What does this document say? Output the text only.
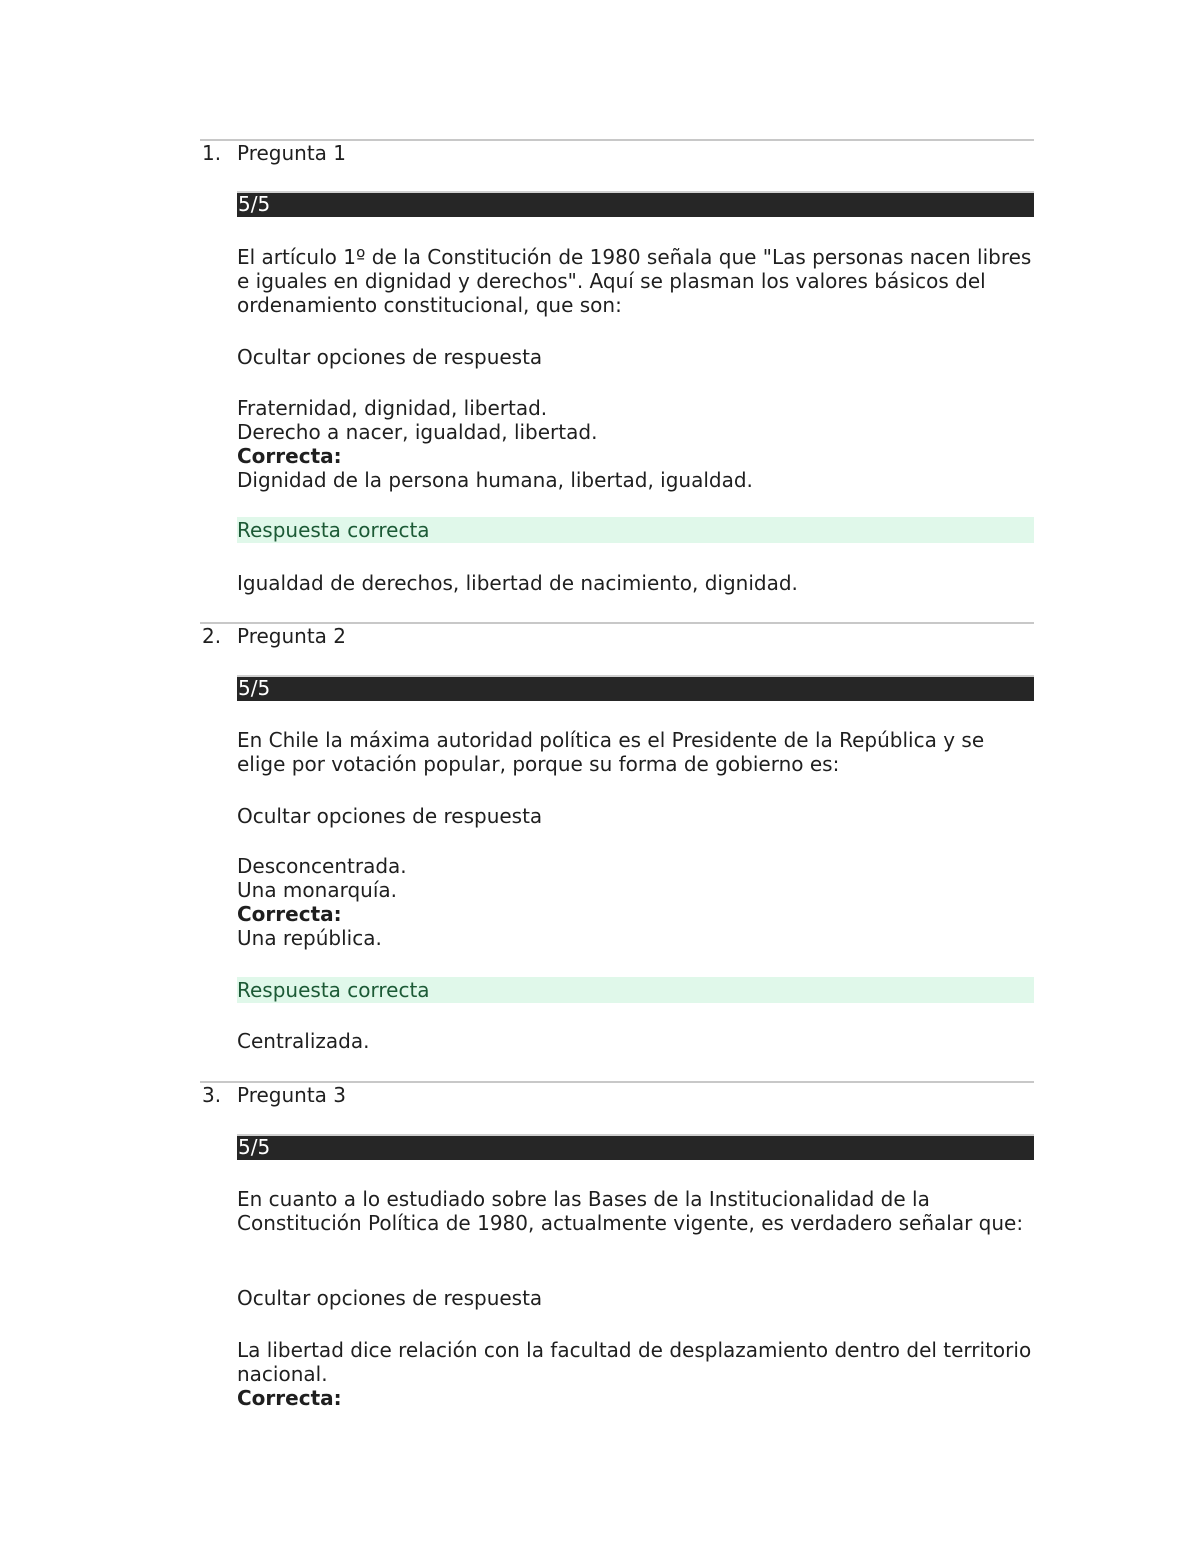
1. Pregunta 1
5/5
El artículo 1º de la Constitución de 1980 señala que "Las personas nacen libres e iguales en dignidad y derechos". Aquí se plasman los valores básicos del ordenamiento constitucional, que son:
Ocultar opciones de respuesta
Fraternidad, dignidad, libertad.
Derecho a nacer, igualdad, libertad.
Correcta:
Dignidad de la persona humana, libertad, igualdad.
Respuesta correcta
Igualdad de derechos, libertad de nacimiento, dignidad.
2. Pregunta 2
5/5
En Chile la máxima autoridad política es el Presidente de la República y se elige por votación popular, porque su forma de gobierno es:
Ocultar opciones de respuesta
Desconcentrada.
Una monarquía.
Correcta:
Una república.
Respuesta correcta
Centralizada.
3. Pregunta 3
5/5
En cuanto a lo estudiado sobre las Bases de la Institucionalidad de la Constitución Política de 1980, actualmente vigente, es verdadero señalar que:
Ocultar opciones de respuesta
La libertad dice relación con la facultad de desplazamiento dentro del territorio nacional.
Correcta:
